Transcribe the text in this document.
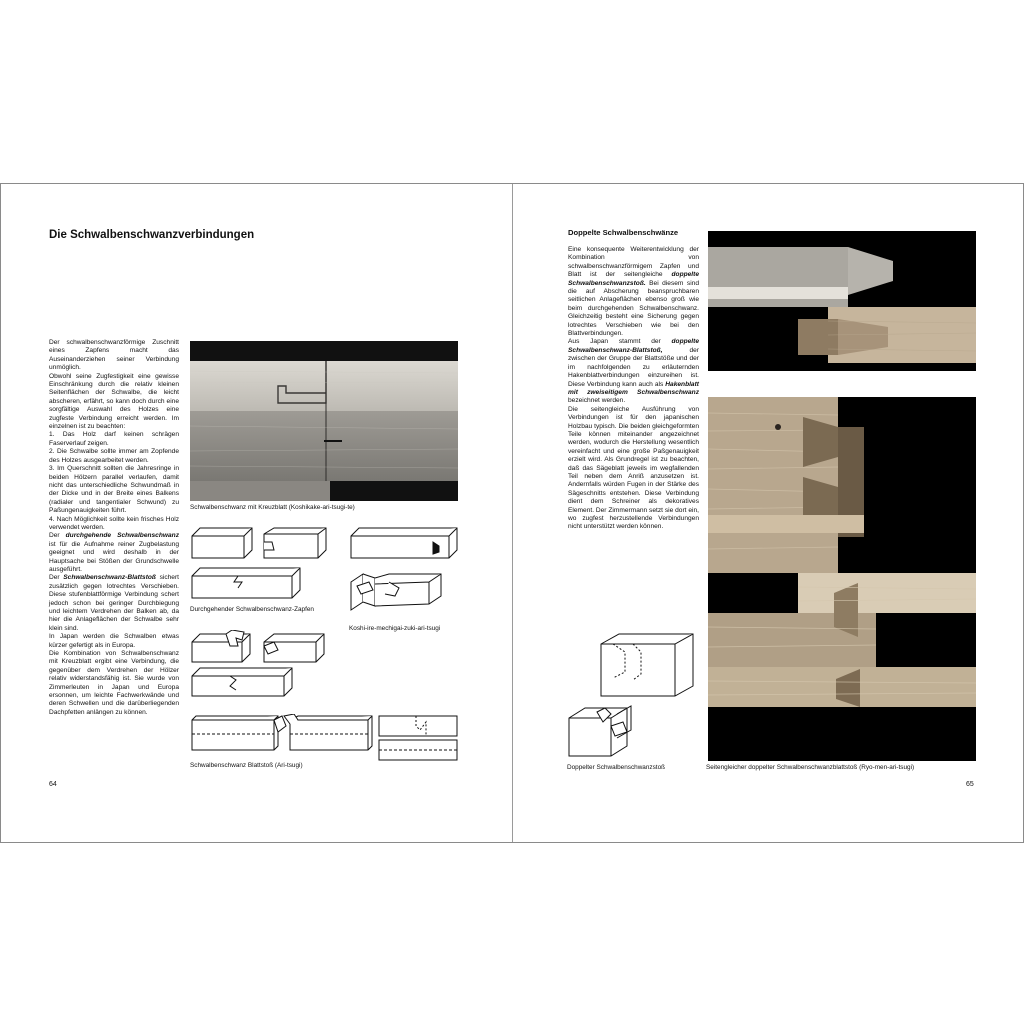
Die Schwalbenschwanzverbindungen

Der schwalbenschwanzförmige Zuschnitt eines Zapfens macht das Auseinanderziehen seiner Verbindung unmöglich.

Obwohl seine Zugfestigkeit eine gewisse Einschränkung durch die relativ kleinen Seitenflächen der Schwalbe, die leicht abscheren, erfährt, so kann doch durch eine sorgfältige Auswahl des Holzes eine zugfeste Verbindung erreicht werden. Im einzelnen ist zu beachten:

1. Das Holz darf keinen schrägen Faserverlauf zeigen.

2. Die Schwalbe sollte immer am Zopfende des Holzes ausgearbeitet werden.

3. Im Querschnitt sollten die Jahresringe in beiden Hölzern parallel verlaufen, damit nicht das unterschiedliche Schwundmaß in der Dicke und in der Breite eines Balkens (radialer und tangentialer Schwund) zu Paßungenauigkeiten führt.

4. Nach Möglichkeit sollte kein frisches Holz verwendet werden.

Der durchgehende Schwalbenschwanz ist für die Aufnahme reiner Zugbelastung geeignet und wird deshalb in der Hauptsache bei Stößen der Grundschwelle ausgeführt.

Der Schwalbenschwanz-Blattstoß sichert zusätzlich gegen lotrechtes Verschieben. Diese stufenblattförmige Verbindung schert jedoch schon bei geringer Durchbiegung und leichtem Verdrehen der Balken ab, da hier die Anlageflächen der Schwalbe sehr klein sind.

In Japan werden die Schwalben etwas kürzer gefertigt als in Europa.

Die Kombination von Schwalbenschwanz mit Kreuzblatt ergibt eine Verbindung, die gegenüber dem Verdrehen der Hölzer relativ widerstandsfähig ist. Sie wurde von Zimmerleuten in Japan und Europa ersonnen, um leichte Fachwerkwände und deren Schwellen und die darüberliegenden Dachpfetten anlängen zu können.

Schwalbenschwanz mit Kreuzblatt (Koshikake-ari-tsugi-te)
Durchgehender Schwalbenschwanz-Zapfen
Koshi-ire-mechigai-zuki-ari-tsugi
Schwalbenschwanz Blattstoß (Ari-tsugi)
64
Doppelte Schwalbenschwänze

Eine konsequente Weiterentwicklung der Kombination von schwalbenschwanzförmigem Zapfen und Blatt ist der seitengleiche doppelte Schwalbenschwanzstoß. Bei diesem sind die auf Abscherung beanspruchbaren seitlichen Anlageflächen ebenso groß wie beim durchgehenden Schwalbenschwanz. Gleichzeitig besteht eine Sicherung gegen lotrechtes Verschieben wie bei den Blattverbindungen.

Aus Japan stammt der doppelte Schwalbenschwanz-Blattstoß, der zwischen der Gruppe der Blattstöße und der im nachfolgenden zu erläuternden Hakenblattverbindungen einzureihen ist. Diese Verbindung kann auch als Hakenblatt mit zweiseitigem Schwalbenschwanz bezeichnet werden.

Die seitengleiche Ausführung von Verbindungen ist für den japanischen Holzbau typisch. Die beiden gleichgeformten Teile können miteinander angezeichnet werden, wodurch die Herstellung wesentlich vereinfacht und eine große Paßgenauigkeit erzielt wird. Als Grundregel ist zu beachten, daß das Sägeblatt jeweils im wegfallenden Teil neben dem Anriß anzusetzen ist. Andernfalls würden Fugen in der Stärke des Sägeschnitts entstehen. Diese Verbindung dient dem Schreiner als dekoratives Element. Der Zimmermann setzt sie dort ein, wo zugfest herzustellende Verbindungen nicht unterstützt werden können.

Seitengleicher doppelter Schwalbenschwanzblattstoß (Ryo-men-ari-tsugi)
Doppelter Schwalbenschwanzstoß
65
